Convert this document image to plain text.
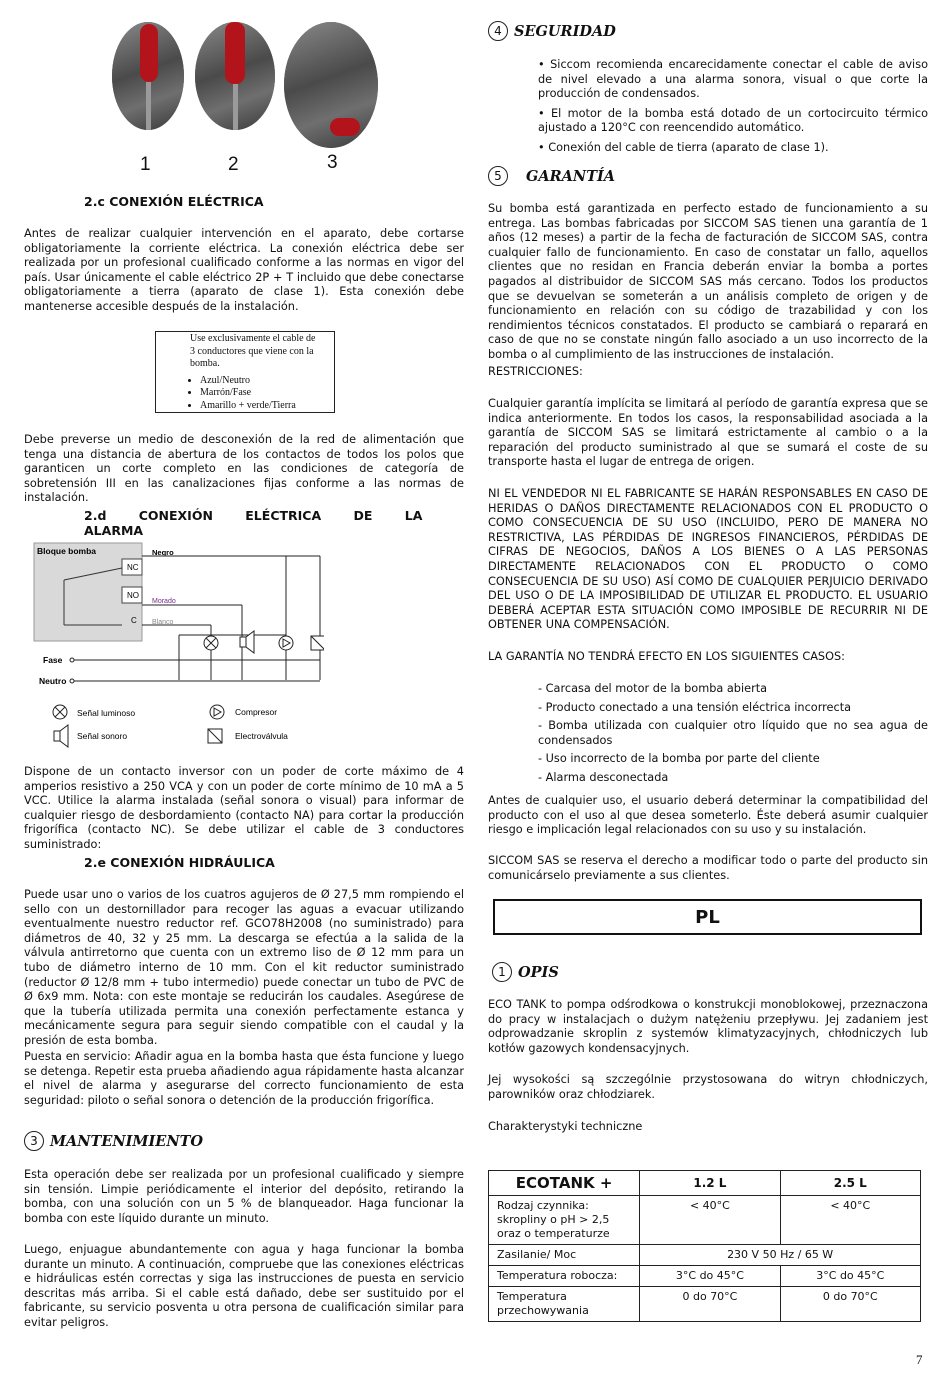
1	2	3
2.c CONEXIÓN ELÉCTRICA

Antes de realizar cualquier intervención en el aparato, debe cortarse obligatoriamente la corriente eléctrica. La conexión eléctrica debe ser realizada por un profesional cualificado conforme a las normas en vigor del país. Usar únicamente el cable eléctrico 2P + T incluido que debe conectarse obligatoriamente a tierra (aparato de clase 1). Esta conexión debe mantenerse accesible después de la instalación.

Use exclusivamente el cable de 3 conductores que viene con la bomba.
• Azul/Neutro
• Marrón/Fase
• Amarillo + verde/Tierra

Debe preverse un medio de desconexión de la red de alimentación que tenga una distancia de abertura de los contactos de todos los polos que garanticen un corte completo en las condiciones de categoría de sobretensión III en las canalizaciones fijas conforme a las normas de instalación.

2.d CONEXIÓN ELÉCTRICA DE LA ALARMA
Bloque bomba	Negro
NC
NO
Morado
C Blanco
Fase
Neutro
Señal luminoso	Compresor
Señal sonoro	Electroválvula

Dispone de un contacto inversor con un poder de corte máximo de 4 amperios resistivo a 250 VCA y con un poder de corte mínimo de 10 mA a 5 VCC. Utilice la alarma instalada (señal sonora o visual) para informar de cualquier riesgo de desbordamiento (contacto NA) para cortar la producción frigorífica (contacto NC). Se debe utilizar el cable de 3 conductores suministrado:

2.e CONEXIÓN HIDRÁULICA

Puede usar uno o varios de los cuatros agujeros de Ø 27,5 mm rompiendo el sello con un destornillador para recoger las aguas a evacuar utilizando eventualmente nuestro reductor ref. GCO78H2008 (no suministrado) para diámetros de 40, 32 y 25 mm. La descarga se efectúa a la salida de la válvula antirretorno que cuenta con un extremo liso de Ø 12 mm para un tubo de diámetro interno de 10 mm. Con el kit reductor suministrado (reductor Ø 12/8 mm + tubo intermedio) puede conectar un tubo de PVC de Ø 6x9 mm. Nota: con este montaje se reducirán los caudales. Asegúrese de que la tubería utilizada permita una conexión perfectamente estanca y mecánicamente segura para seguir siendo compatible con el caudal y la presión de esta bomba.

Puesta en servicio: Añadir agua en la bomba hasta que ésta funcione y luego se detenga. Repetir esta prueba añadiendo agua rápidamente hasta alcanzar el nivel de alarma y asegurarse del correcto funcionamiento de esta seguridad: piloto o señal sonora o detención de la producción frigorífica.

3 MANTENIMIENTO

Esta operación debe ser realizada por un profesional cualificado y siempre sin tensión. Limpie periódicamente el interior del depósito, retirando la bomba, con una solución con un 5 % de blanqueador. Haga funcionar la bomba con este líquido durante un minuto.

Luego, enjuague abundantemente con agua y haga funcionar la bomba durante un minuto. A continuación, compruebe que las conexiones eléctricas e hidráulicas estén correctas y siga las instrucciones de puesta en servicio descritas más arriba. Si el cable está dañado, debe ser sustituido por el fabricante, su servicio posventa u otra persona de cualificación similar para evitar peligros.

4 SEGURIDAD

• Siccom recomienda encarecidamente conectar el cable de aviso de nivel elevado a una alarma sonora, visual o que corte la producción de condensados.

• El motor de la bomba está dotado de un cortocircuito térmico ajustado a 120°C con reencendido automático.

• Conexión del cable de tierra (aparato de clase 1).

5	GARANTÍA

Su bomba está garantizada en perfecto estado de funcionamiento a su entrega. Las bombas fabricadas por SICCOM SAS tienen una garantía de 1 años (12 meses) a partir de la fecha de facturación de SICCOM SAS, contra cualquier fallo de funcionamiento. En caso de constatar un fallo, aquellos clientes que no residan en Francia deberán enviar la bomba a portes pagados al distribuidor de SICCOM SAS más cercano. Todos los productos que se devuelvan se someterán a un análisis completo de origen y de funcionamiento en relación con su código de trazabilidad y con los rendimientos técnicos constatados. El producto se cambiará o reparará en caso de que no se constate ningún fallo asociado a un uso incorrecto de la bomba o al cumplimiento de las instrucciones de instalación.

RESTRICCIONES:

Cualquier garantía implícita se limitará al período de garantía expresa que se indica anteriormente. En todos los casos, la responsabilidad asociada a la garantía de SICCOM SAS se limitará estrictamente al cambio o a la reparación del producto suministrado al que se sumará el coste de su transporte hasta el lugar de entrega de origen.

NI EL VENDEDOR NI EL FABRICANTE SE HARÁN RESPONSABLES EN CASO DE HERIDAS O DAÑOS DIRECTAMENTE RELACIONADOS CON EL PRODUCTO O COMO CONSECUENCIA DE SU USO (INCLUIDO, PERO DE MANERA NO RESTRICTIVA, LAS PÉRDIDAS DE INGRESOS FINANCIEROS, PÉRDIDAS DE CIFRAS DE NEGOCIOS, DAÑOS A LOS BIENES O A LAS PERSONAS DIRECTAMENTE RELACIONADOS CON EL PRODUCTO O COMO CONSECUENCIA DE SU USO) ASÍ COMO DE CUALQUIER PERJUICIO DERIVADO DEL USO O DE LA IMPOSIBILIDAD DE UTILIZAR EL PRODUCTO. EL USUARIO DEBERÁ ACEPTAR ESTA SITUACIÓN COMO IMPOSIBLE DE RECURRIR NI DE OBTENER UNA COMPENSACIÓN.

LA GARANTÍA NO TENDRÁ EFECTO EN LOS SIGUIENTES CASOS:

- Carcasa del motor de la bomba abierta

- Producto conectado a una tensión eléctrica incorrecta

- Bomba utilizada con cualquier otro líquido que no sea agua de condensados

- Uso incorrecto de la bomba por parte del cliente

- Alarma desconectada

Antes de cualquier uso, el usuario deberá determinar la compatibilidad del producto con el uso al que desea someterlo. Éste deberá asumir cualquier riesgo e implicación legal relacionados con su uso y su instalación.

SICCOM SAS se reserva el derecho a modificar todo o parte del producto sin comunicárselo previamente a sus clientes.

PL
1 OPIS

ECO TANK to pompa odśrodkowa o konstrukcji monoblokowej, przeznaczona do pracy w instalacjach o dużym natężeniu przepływu. Jej zadaniem jest odprowadzanie skroplin z systemów klimatyzacyjnych, chłodniczych lub kotłów gazowych kondensacyjnych.

Jej wysokości są szczególnie przystosowana do witryn chłodniczych, parowników oraz chłodziarek.

Charakterystyki techniczne

ECOTANK +	1.2 L	2.5 L
Rodzaj czynnika: skroplinу o pH > 2,5 oraz o temperaturze	< 40°C	< 40°C
Zasilanie/ Moc	230 V 50 Hz / 65 W	
Temperatura robocza:	3°C do 45°C	3°C do 45°C
Temperatura przechowywania	0 do 70°C	0 do 70°C
7
